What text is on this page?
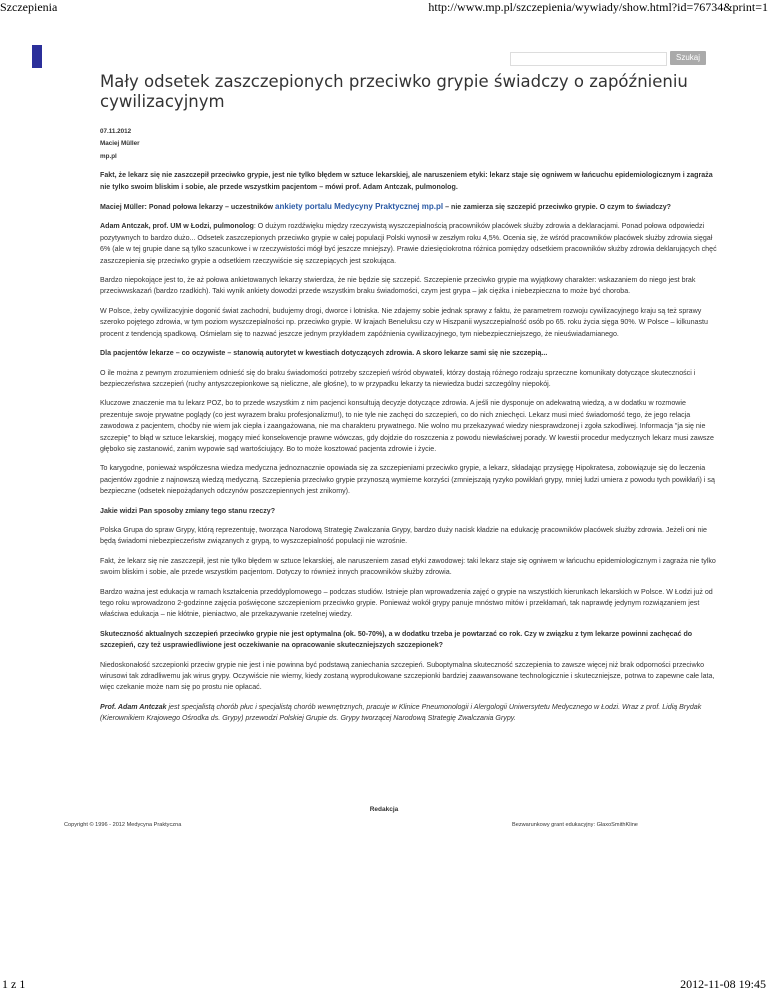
Szczepienia	http://www.mp.pl/szczepienia/wywiady/show.html?id=76734&print=1
Szukaj
Mały odsetek zaszczepionych przeciwko grypie świadczy o zapóźnieniu cywilizacyjnym

07.11.2012

Maciej Müller

mp.pl

Fakt, że lekarz się nie zaszczepił przeciwko grypie, jest nie tylko błędem w sztuce lekarskiej, ale naruszeniem etyki: lekarz staje się ogniwem w łańcuchu epidemiologicznym i zagraża nie tylko swoim bliskim i sobie, ale przede wszystkim pacjentom – mówi prof. Adam Antczak, pulmonolog.

Maciej Müller: Ponad połowa lekarzy – uczestników ankiety portalu Medycyny Praktycznej mp.pl – nie zamierza się szczepić przeciwko grypie. O czym to świadczy?

Adam Antczak, prof. UM w Łodzi, pulmonolog: O dużym rozdźwięku między rzeczywistą wyszczepialnością pracowników placówek służby zdrowia a deklaracjami. Ponad połowa odpowiedzi pozytywnych to bardzo dużo... Odsetek zaszczepionych przeciwko grypie w całej populacji Polski wynosił w zeszłym roku 4,5%. Ocenia się, że wśród pracowników placówek służby zdrowia sięgał 6% (ale w tej grupie dane są tylko szacunkowe i w rzeczywistości mógł być jeszcze mniejszy). Prawie dziesięciokrotna różnica pomiędzy odsetkiem pracowników służby zdrowia deklarujących chęć zaszczepienia się przeciwko grypie a odsetkiem rzeczywiście się szczepiących jest szokująca.

Bardzo niepokojące jest to, że aż połowa ankietowanych lekarzy stwierdza, że nie będzie się szczepić. Szczepienie przeciwko grypie ma wyjątkowy charakter: wskazaniem do niego jest brak przeciwwskazań (bardzo rzadkich). Taki wynik ankiety dowodzi przede wszystkim braku świadomości, czym jest grypa – jak ciężka i niebezpieczna to może być choroba.

W Polsce, żeby cywilizacyjnie dogonić świat zachodni, budujemy drogi, dworce i lotniska. Nie zdajemy sobie jednak sprawy z faktu, że parametrem rozwoju cywilizacyjnego kraju są też sprawy szeroko pojętego zdrowia, w tym poziom wyszczepialności np. przeciwko grypie. W krajach Beneluksu czy w Hiszpanii wyszczepialność osób po 65. roku życia sięga 90%. W Polsce – kilkunastu procent z tendencją spadkową. Ośmielam się to nazwać jeszcze jednym przykładem zapóźnienia cywilizacyjnego, tym niebezpieczniejszego, że nieuświadamianego.

Dla pacjentów lekarze – co oczywiste – stanowią autorytet w kwestiach dotyczących zdrowia. A skoro lekarze sami się nie szczepią...

O ile można z pewnym zrozumieniem odnieść się do braku świadomości potrzeby szczepień wśród obywateli, którzy dostają różnego rodzaju sprzeczne komunikaty dotyczące skuteczności i bezpieczeństwa szczepień (ruchy antyszczepionkowe są nieliczne, ale głośne), to w przypadku lekarzy ta niewiedza budzi szczególny niepokój.

Kluczowe znaczenie ma tu lekarz POZ, bo to przede wszystkim z nim pacjenci konsultują decyzje dotyczące zdrowia. A jeśli nie dysponuje on adekwatną wiedzą, a w dodatku w rozmowie prezentuje swoje prywatne poglądy (co jest wyrazem braku profesjonalizmu!), to nie tyle nie zachęci do szczepień, co do nich zniechęci. Lekarz musi mieć świadomość tego, że jego relacja zawodowa z pacjentem, choćby nie wiem jak ciepła i zaangażowana, nie ma charakteru prywatnego. Nie wolno mu przekazywać wiedzy niesprawdzonej i zgoła szkodliwej. Informacja "ja się nie szczepię" to błąd w sztuce lekarskiej, mogący mieć konsekwencje prawne wówczas, gdy dojdzie do roszczenia z powodu niewłaściwej porady. W kwestii procedur medycznych lekarz musi zawsze głęboko się zastanowić, zanim wypowie sąd wartościujący. Bo to może kosztować pacjenta zdrowie i życie.

To karygodne, ponieważ współczesna wiedza medyczna jednoznacznie opowiada się za szczepieniami przeciwko grypie, a lekarz, składając przysięgę Hipokratesa, zobowiązuje się do leczenia pacjentów zgodnie z najnowszą wiedzą medyczną. Szczepienia przeciwko grypie przynoszą wymierne korzyści (zmniejszają ryzyko powikłań grypy, mniej ludzi umiera z powodu tych powikłań) i są bezpieczne (odsetek niepożądanych odczynów poszczepiennych jest znikomy).

Jakie widzi Pan sposoby zmiany tego stanu rzeczy?

Polska Grupa do spraw Grypy, którą reprezentuję, tworząca Narodową Strategię Zwalczania Grypy, bardzo duży nacisk kładzie na edukację pracowników placówek służby zdrowia. Jeżeli oni nie będą świadomi niebezpieczeństw związanych z grypą, to wyszczepialność populacji nie wzrośnie.

Fakt, że lekarz się nie zaszczepił, jest nie tylko błędem w sztuce lekarskiej, ale naruszeniem zasad etyki zawodowej: taki lekarz staje się ogniwem w łańcuchu epidemiologicznym i zagraża nie tylko swoim bliskim i sobie, ale przede wszystkim pacjentom. Dotyczy to również innych pracowników służby zdrowia.

Bardzo ważna jest edukacja w ramach kształcenia przeddyplomowego – podczas studiów. Istnieje plan wprowadzenia zajęć o grypie na wszystkich kierunkach lekarskich w Polsce. W Łodzi już od tego roku wprowadzono 2-godzinne zajęcia poświęcone szczepieniom przeciwko grypie. Ponieważ wokół grypy panuje mnóstwo mitów i przekłamań, tak naprawdę jedynym rozwiązaniem jest właściwa edukacja – nie kłótnie, pieniactwo, ale przekazywanie rzetelnej wiedzy.

Skuteczność aktualnych szczepień przeciwko grypie nie jest optymalna (ok. 50-70%), a w dodatku trzeba je powtarzać co rok. Czy w związku z tym lekarze powinni zachęcać do szczepień, czy też usprawiedliwione jest oczekiwanie na opracowanie skuteczniejszych szczepionek?

Niedoskonałość szczepionki przeciw grypie nie jest i nie powinna być podstawą zaniechania szczepień. Suboptymalna skuteczność szczepienia to zawsze więcej niż brak odporności przeciwko wirusowi tak zdradliwemu jak wirus grypy. Oczywiście nie wiemy, kiedy zostaną wyprodukowane szczepionki bardziej zaawansowane technologicznie i skuteczniejsze, potrwa to zapewne całe lata, więc czekanie może nam się po prostu nie opłacać.

Prof. Adam Antczak jest specjalistą chorób płuc i specjalistą chorób wewnętrznych, pracuje w Klinice Pneumonologii i Alergologii Uniwersytetu Medycznego w Łodzi. Wraz z prof. Lidią Brydak (Kierownikiem Krajowego Ośrodka ds. Grypy) przewodzi Polskiej Grupie ds. Grypy tworzącej Narodową Strategię Zwalczania Grypy.

Redakcja
Copyright © 1996 - 2012 Medycyna Praktyczna	Bezwarunkowy grant edukacyjny: GlaxoSmithKline
1 z 1	2012-11-08 19:45
